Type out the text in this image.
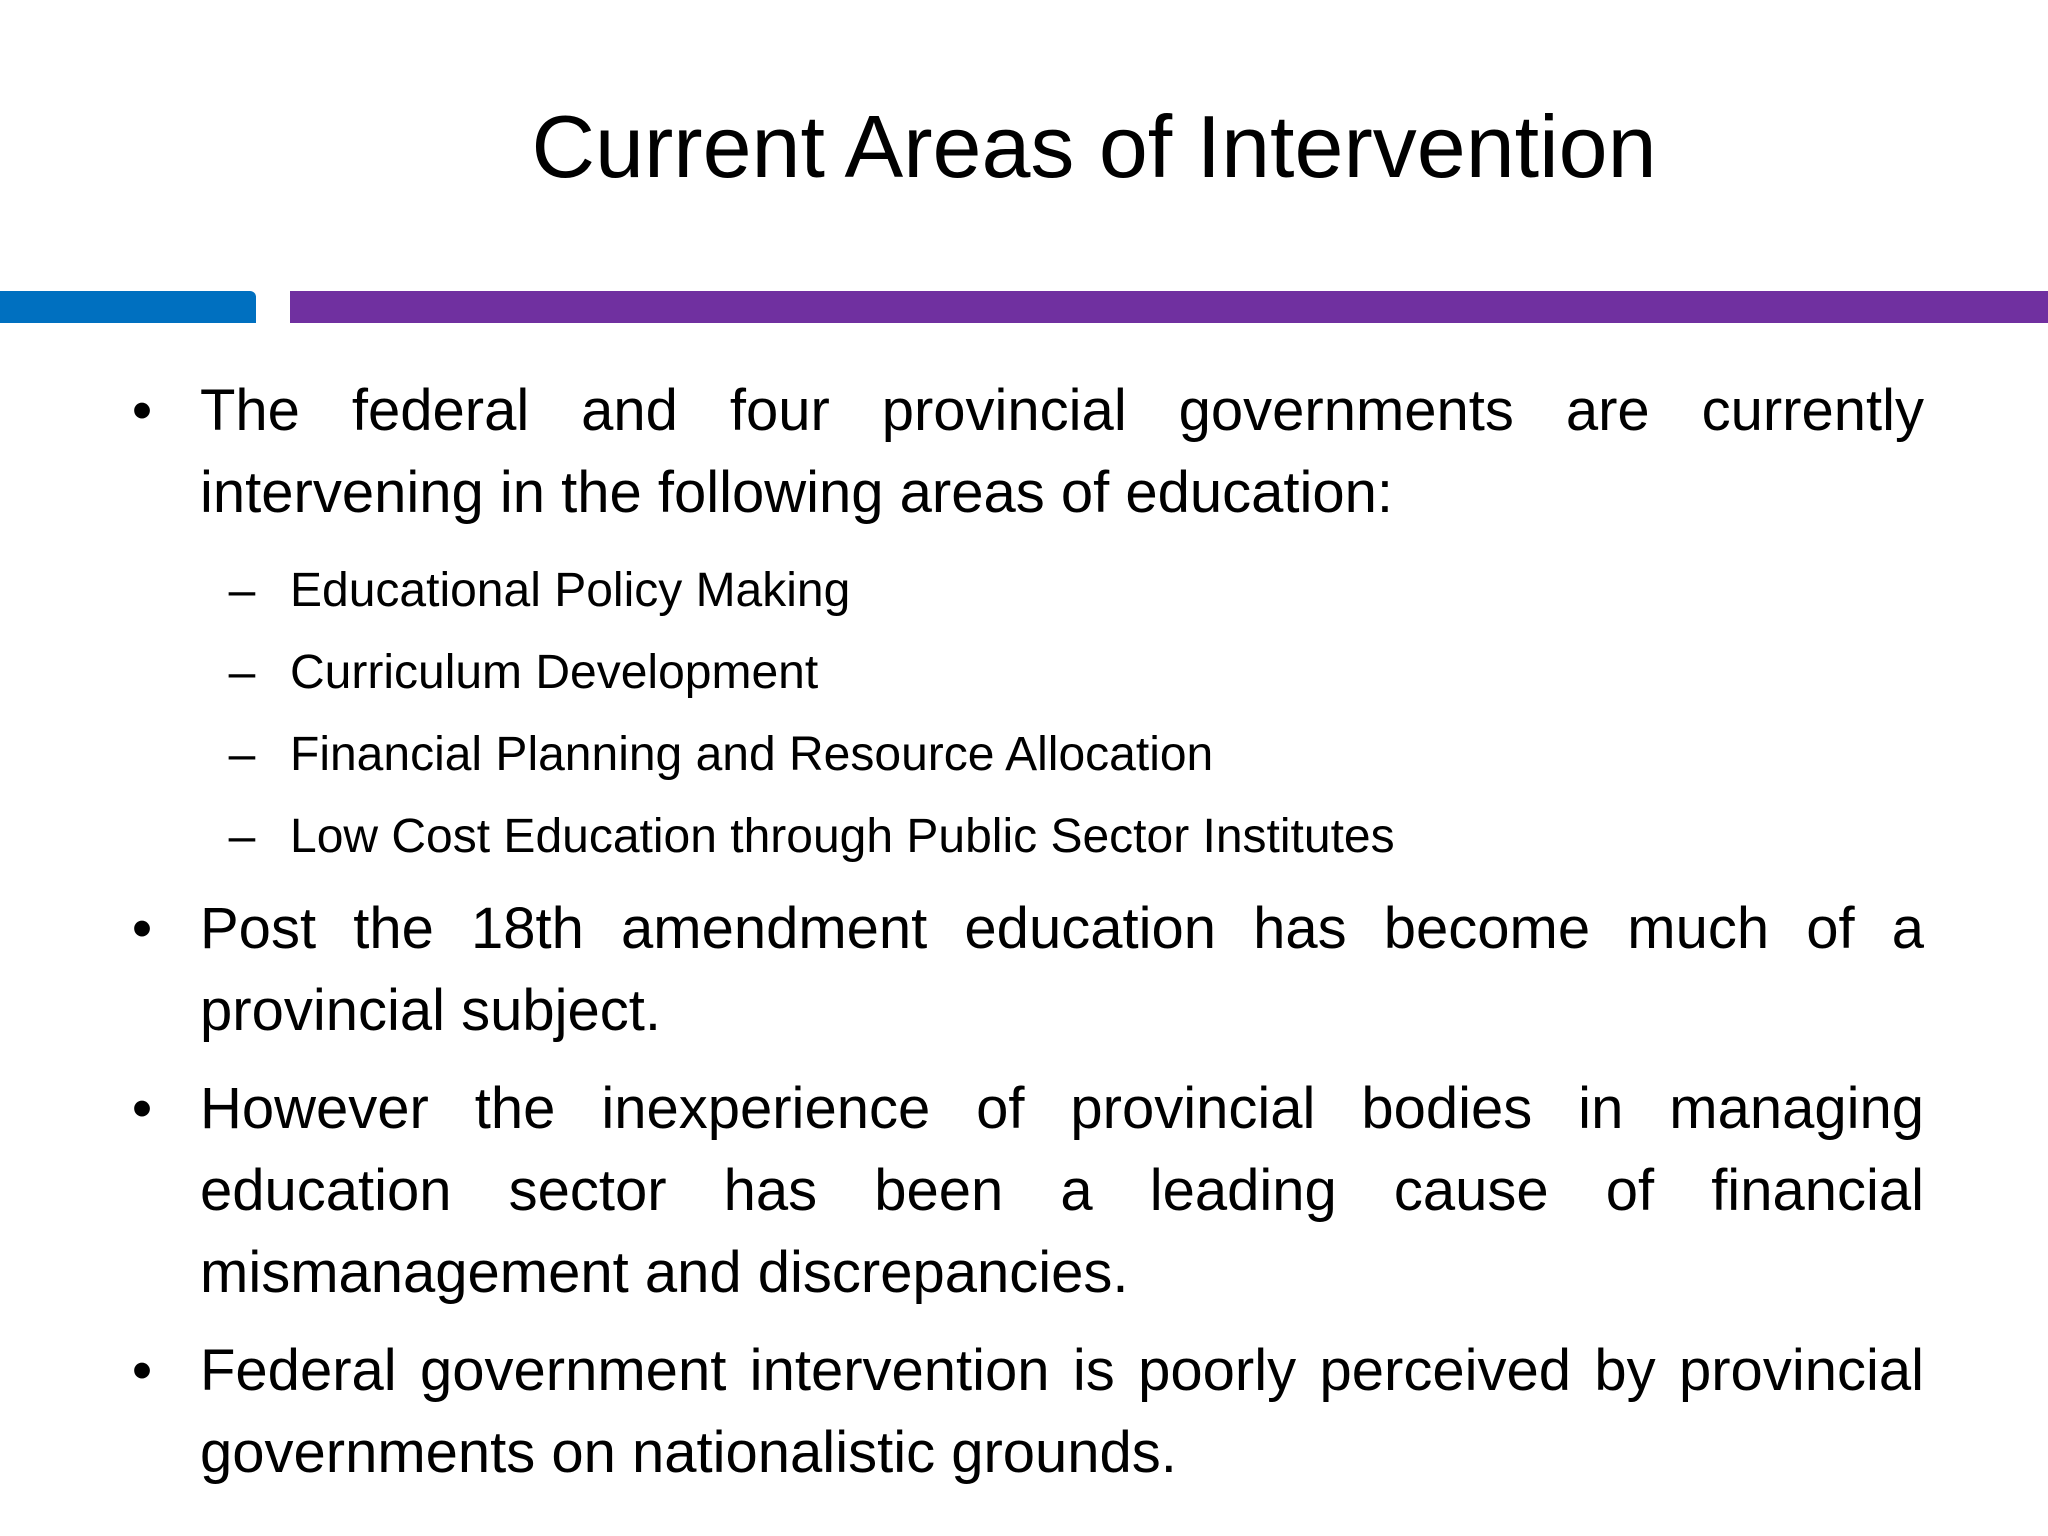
Current Areas of Intervention
• The federal and four provincial governments are currently intervening in the following areas of education:
– Educational Policy Making
– Curriculum Development
– Financial Planning and Resource Allocation
– Low Cost Education through Public Sector Institutes
• Post the 18th amendment education has become much of a provincial subject.
• However the inexperience of provincial bodies in managing education sector has been a leading cause of financial mismanagement and discrepancies.
• Federal government intervention is poorly perceived by provincial governments on nationalistic grounds.
